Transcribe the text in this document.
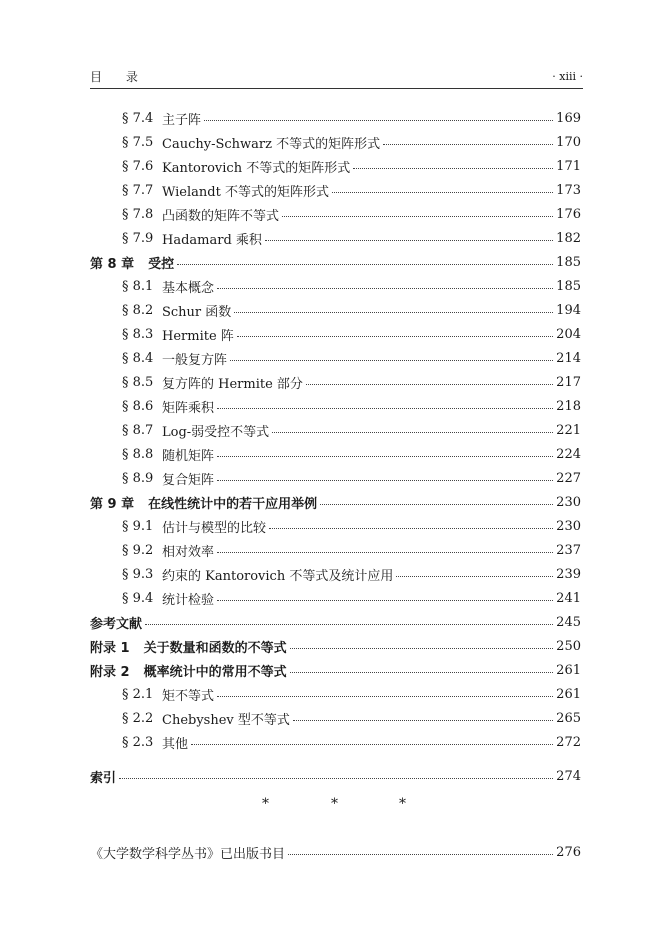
目 录	· xiii ·
§ 7.4 主子阵	169
§ 7.5 Cauchy-Schwarz 不等式的矩阵形式	170
§ 7.6 Kantorovich 不等式的矩阵形式	171
§ 7.7 Wielandt 不等式的矩阵形式	173
§ 7.8 凸函数的矩阵不等式	176
§ 7.9 Hadamard 乘积	182
第 8 章 受控	185
§ 8.1 基本概念	185
§ 8.2 Schur 函数	194
§ 8.3 Hermite 阵	204
§ 8.4 一般复方阵	214
§ 8.5 复方阵的 Hermite 部分	217
§ 8.6 矩阵乘积	218
§ 8.7 Log-弱受控不等式	221
§ 8.8 随机矩阵	224
§ 8.9 复合矩阵	227
第 9 章 在线性统计中的若干应用举例	230
§ 9.1 估计与模型的比较	230
§ 9.2 相对效率	237
§ 9.3 约束的 Kantorovich 不等式及统计应用	239
§ 9.4 统计检验	241
参考文献	245
附录 1 关于数量和函数的不等式	250
附录 2 概率统计中的常用不等式	261
§ 2.1 矩不等式	261
§ 2.2 Chebyshev 型不等式	265
§ 2.3 其他	272
索引	274
*	*	*
《大学数学科学丛书》已出版书目	276
